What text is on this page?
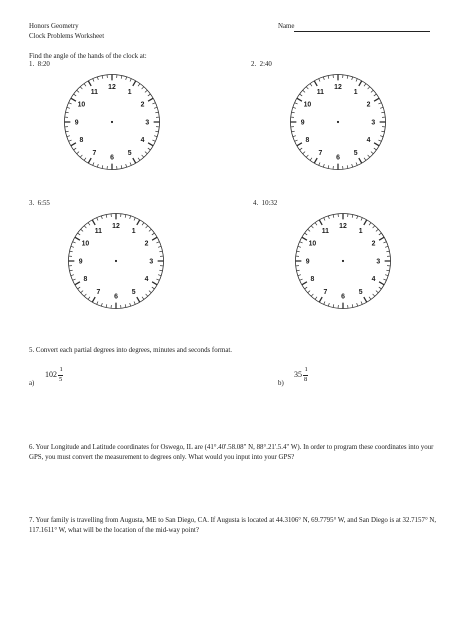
Honors Geometry
Clock Problems Worksheet
Name
Find the angle of the hands of the clock at:
1. 8:20	2. 2:40
12
1
2
3
4
5
6
7
8
9
10
11
12
1
2
3
4
5
6
7
8
9
10
11
3. 6:55	4. 10:32
12
1
2
3
4
5
6
7
8
9
10
11
12
1
2
3
4
5
6
7
8
9
10
11
5. Convert each partial degrees into degrees, minutes and seconds format.
a)
102
1
5
b)
35
1
8
6. Your Longitude and Latitude coordinates for Oswego, IL are (41°.40'.58.08" N, 88°.21'.5.4" W). In order to program these coordinates into your GPS, you must convert the measurement to degrees only. What would you input into your GPS?
7. Your family is travelling from Augusta, ME to San Diego, CA. If Augusta is located at 44.3106° N, 69.7795° W, and San Diego is at 32.7157° N, 117.1611° W, what will be the location of the mid-way point?
